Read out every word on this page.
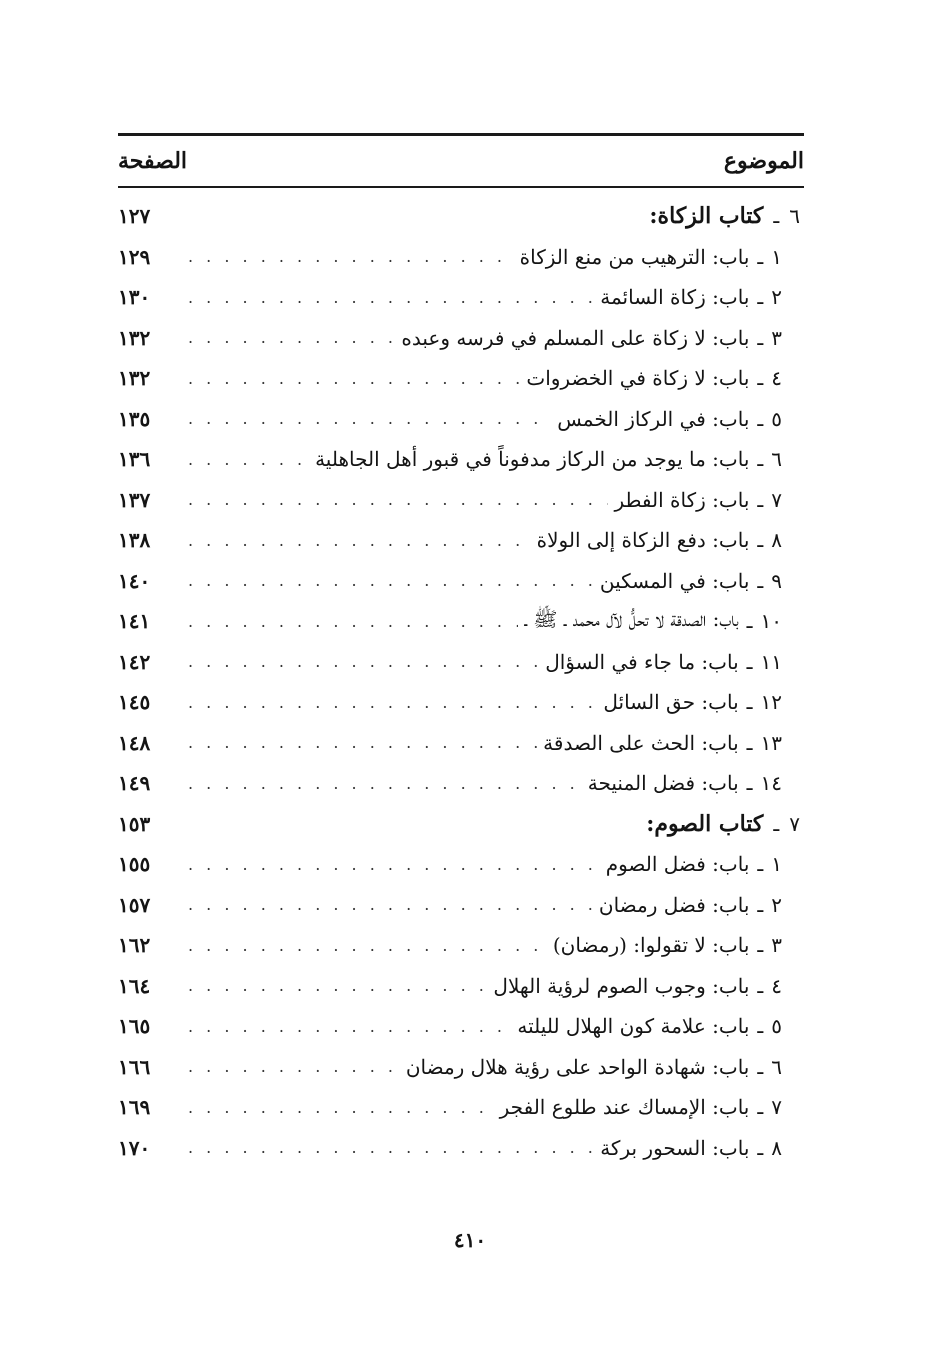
الموضوع
الصفحة
٦
ـ
كتاب الزكاة:
١٢٧
١
ـ
باب: الترهيب من منع الزكاة
. . .
١٢٩
٢
ـ
باب: زكاة السائمة
. . .
١٣٠
٣
ـ
باب: لا زكاة على المسلم في فرسه وعبده
. . .
١٣٢
٤
ـ
باب: لا زكاة في الخضروات
. . .
١٣٢
٥
ـ
باب: في الركاز الخمس
. . .
١٣٥
٦
ـ
باب: ما يوجد من الركاز مدفوناً في قبور أهل الجاهلية
. . .
١٣٦
٧
ـ
باب: زكاة الفطر
. . .
١٣٧
٨
ـ
باب: دفع الزكاة إلى الولاة
. . .
١٣٨
٩
ـ
باب: في المسكين
. . .
١٤٠
١٠
ـ
باب: الصدقة لا تحلُّ لآل محمد ـ ﷺ ـ
. . .
١٤١
١١
ـ
باب: ما جاء في السؤال
. . .
١٤٢
١٢
ـ
باب: حق السائل
. . .
١٤٥
١٣
ـ
باب: الحث على الصدقة
. . .
١٤٨
١٤
ـ
باب: فضل المنيحة
. . .
١٤٩
٧
ـ
كتاب الصوم:
١٥٣
١
ـ
باب: فضل الصوم
. . .
١٥٥
٢
ـ
باب: فضل رمضان
. . .
١٥٧
٣
ـ
باب: لا تقولوا: (رمضان)
. . .
١٦٢
٤
ـ
باب: وجوب الصوم لرؤية الهلال
. . .
١٦٤
٥
ـ
باب: علامة كون الهلال لليلته
. . .
١٦٥
٦
ـ
باب: شهادة الواحد على رؤية هلال رمضان
. . .
١٦٦
٧
ـ
باب: الإمساك عند طلوع الفجر
. . .
١٦٩
٨
ـ
باب: السحور بركة
. . .
١٧٠
٤١٠
